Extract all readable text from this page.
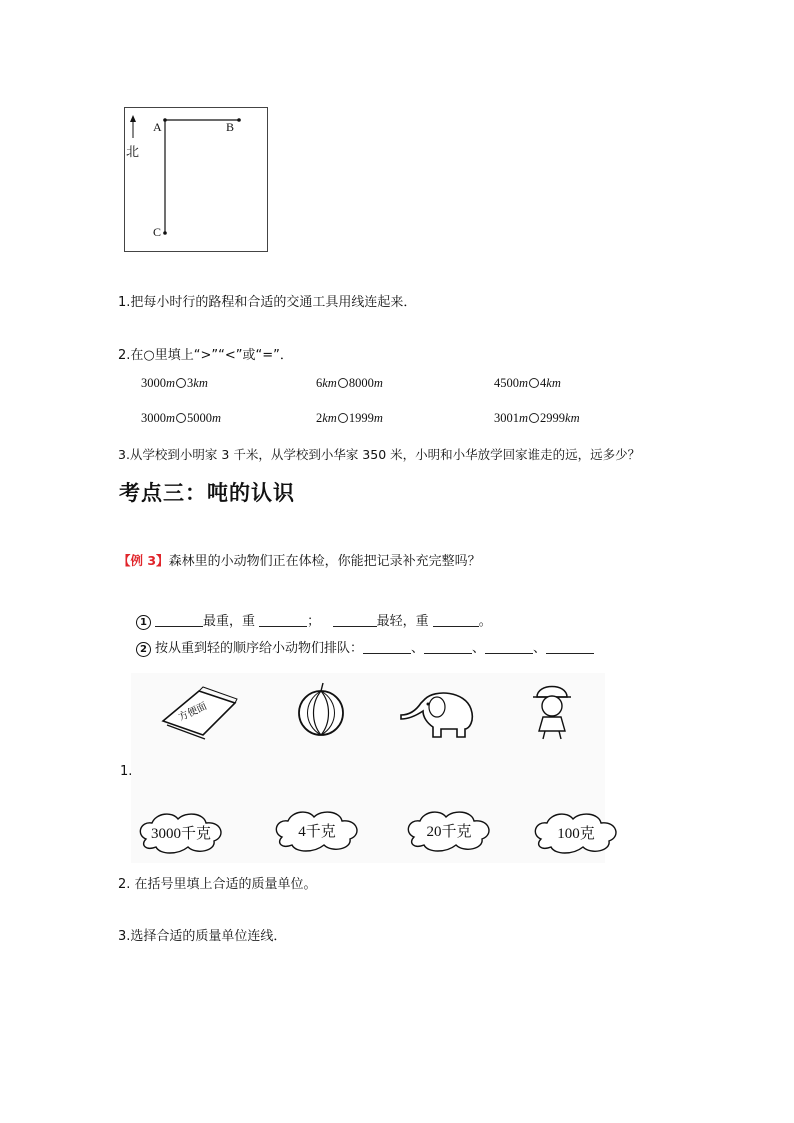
A	B
C
北
1.把每小时行的路程和合适的交通工具用线连起来．
2.在○里填上“>”“<”或“=”．
3000m 3km	6km 8000m	4500m 4km
3000m 5000m	2km 1999m	3001m 2999km
3.从学校到小明家 3 千米，从学校到小华家 350 米，小明和小华放学回家谁走的远，远多少？
考点三：吨的认识
【例 3】森林里的小动物们正在体检，你能把记录补充完整吗？
1	最重，重	；	最轻，重	。
2 按从重到轻的顺序给小动物们排队：	、	、	、
方便面
1.
3000千克	4千克	20千克	100克
2. 在括号里填上合适的质量单位。
3.选择合适的质量单位连线．
